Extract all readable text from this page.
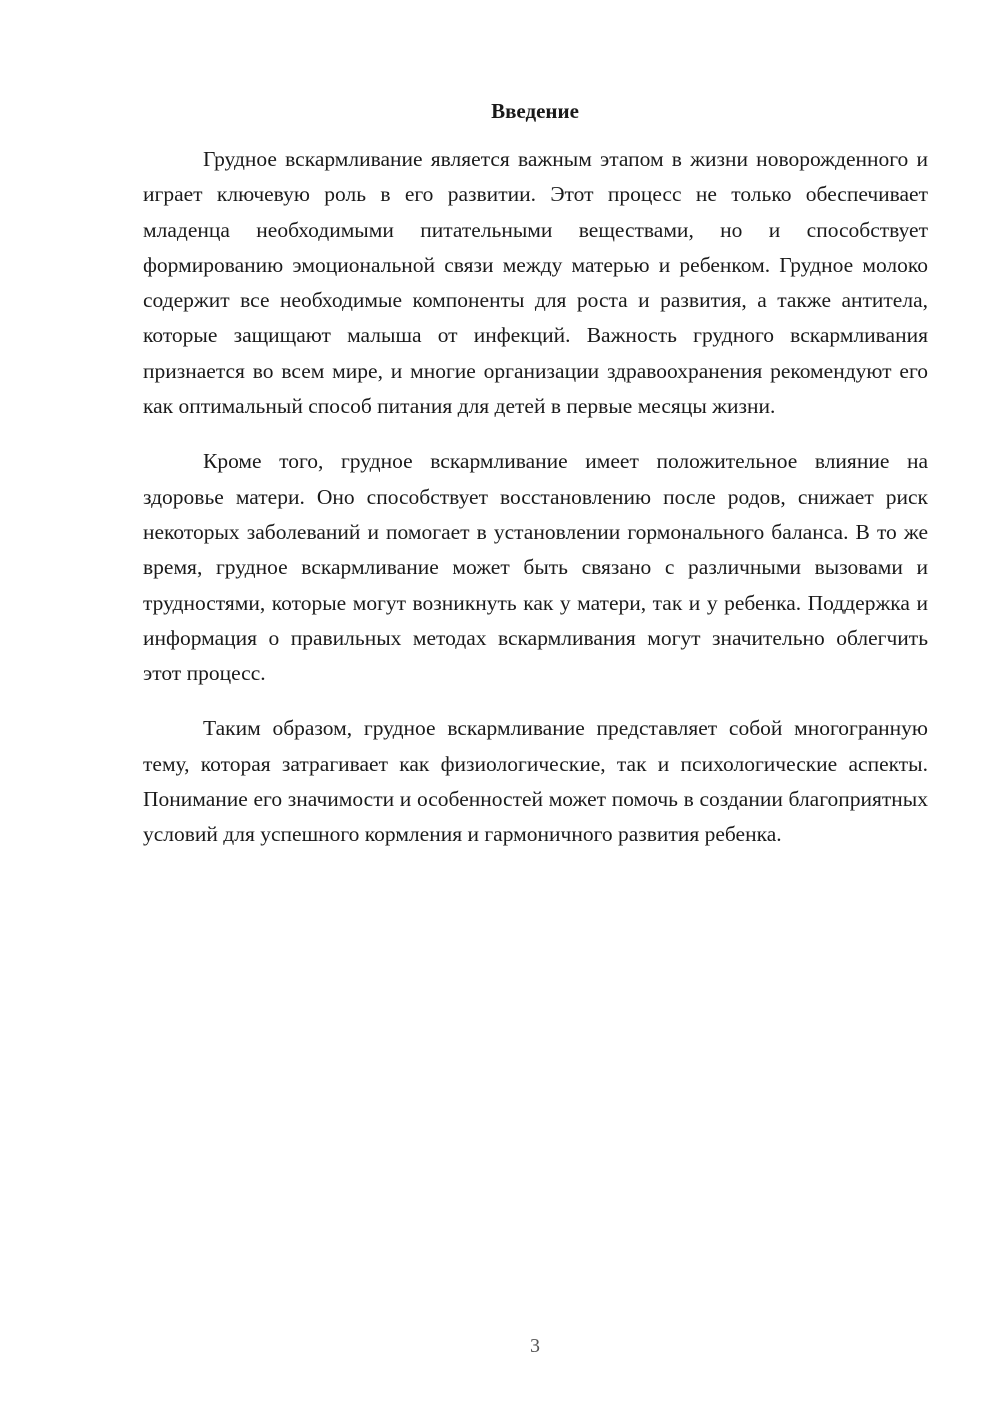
Введение

Грудное вскармливание является важным этапом в жизни новорожденного и играет ключевую роль в его развитии. Этот процесс не только обеспечивает младенца необходимыми питательными веществами, но и способствует формированию эмоциональной связи между матерью и ребенком. Грудное молоко содержит все необходимые компоненты для роста и развития, а также антитела, которые защищают малыша от инфекций. Важность грудного вскармливания признается во всем мире, и многие организации здравоохранения рекомендуют его как оптимальный способ питания для детей в первые месяцы жизни.

Кроме того, грудное вскармливание имеет положительное влияние на здоровье матери. Оно способствует восстановлению после родов, снижает риск некоторых заболеваний и помогает в установлении гормонального баланса. В то же время, грудное вскармливание может быть связано с различными вызовами и трудностями, которые могут возникнуть как у матери, так и у ребенка. Поддержка и информация о правильных методах вскармливания могут значительно облегчить этот процесс.

Таким образом, грудное вскармливание представляет собой многогранную тему, которая затрагивает как физиологические, так и психологические аспекты. Понимание его значимости и особенностей может помочь в создании благоприятных условий для успешного кормления и гармоничного развития ребенка.

3
